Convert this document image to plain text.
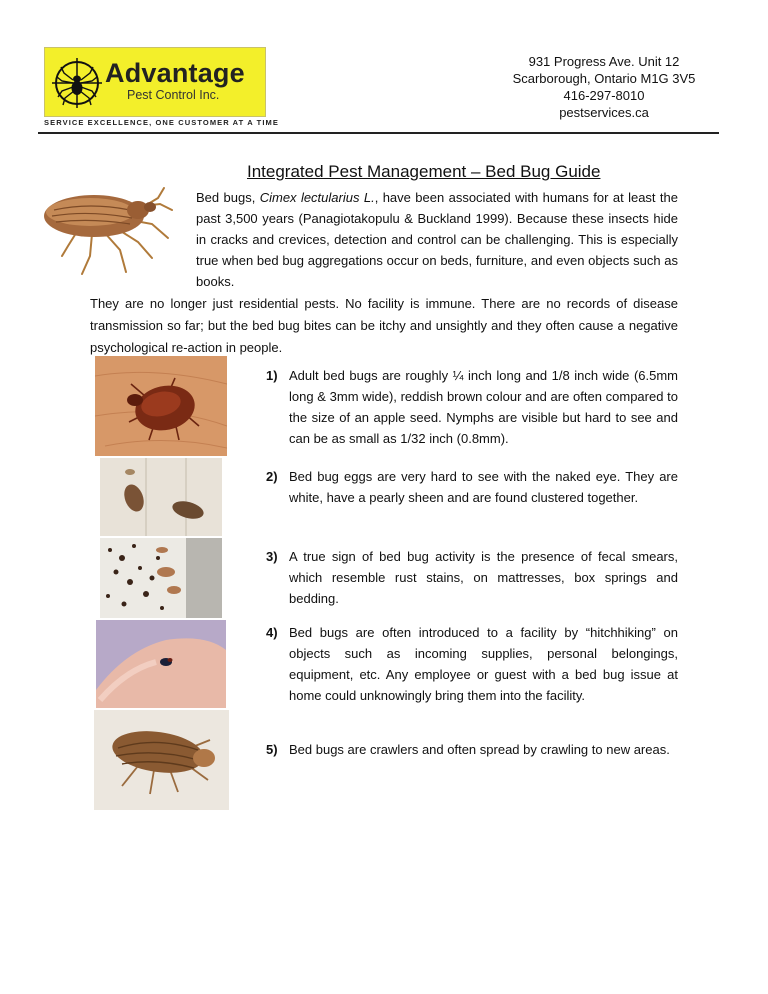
Advantage
Pest Control Inc.
SERVICE EXCELLENCE, ONE CUSTOMER AT A TIME
931 Progress Ave. Unit 12
Scarborough, Ontario M1G 3V5
416-297-8010
pestservices.ca
Integrated Pest Management – Bed Bug Guide
Bed bugs, Cimex lectularius L., have been associated with humans for at least the past 3,500 years (Panagiotakopulu & Buckland 1999). Because these insects hide in cracks and crevices, detection and control can be challenging. This is especially true when bed bug aggregations occur on beds, furniture, and even objects such as books.
They are no longer just residential pests. No facility is immune. There are no records of disease transmission so far; but the bed bug bites can be itchy and unsightly and they often cause a negative psychological re-action in people.
1) Adult bed bugs are roughly ¼ inch long and 1/8 inch wide (6.5mm long & 3mm wide), reddish brown colour and are often compared to the size of an apple seed. Nymphs are visible but hard to see and can be as small as 1/32 inch (0.8mm).
2) Bed bug eggs are very hard to see with the naked eye. They are white, have a pearly sheen and are found clustered together.
3) A true sign of bed bug activity is the presence of fecal smears, which resemble rust stains, on mattresses, box springs and bedding.
4) Bed bugs are often introduced to a facility by “hitchhiking” on objects such as incoming supplies, personal belongings, equipment, etc. Any employee or guest with a bed bug issue at home could unknowingly bring them into the facility.
5) Bed bugs are crawlers and often spread by crawling to new areas.
